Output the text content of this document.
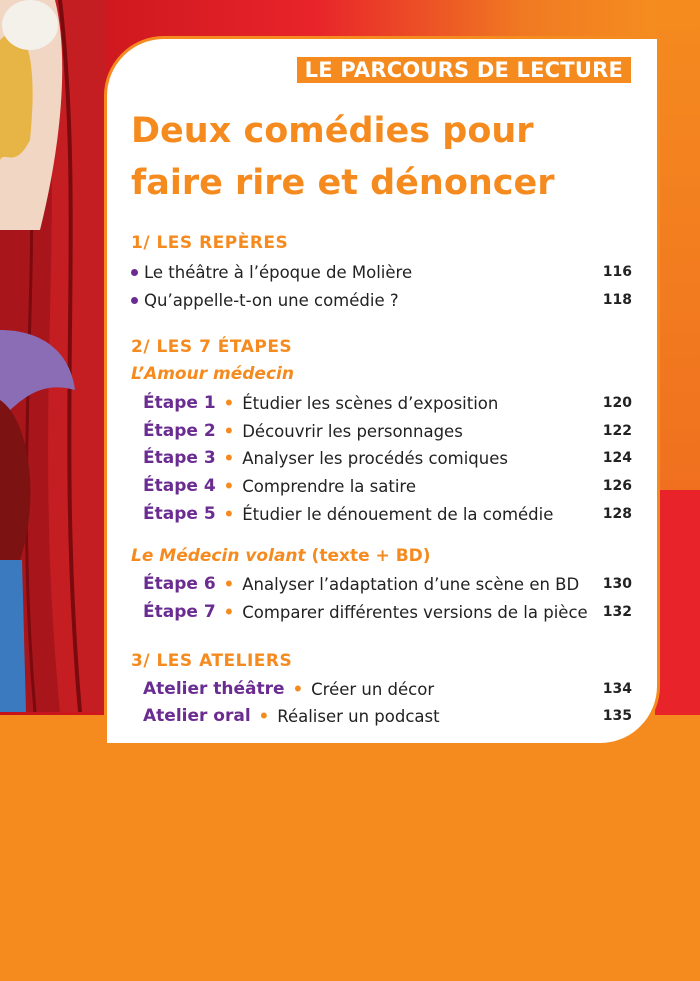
LE PARCOURS DE LECTURE
Deux comédies pour faire rire et dénoncer
1/ LES REPÈRES
Le théâtre à l’époque de Molière	116
Qu’appelle-t-on une comédie ?	118
2/ LES 7 ÉTAPES
L’Amour médecin
Étape 1 • Étudier les scènes d’exposition	120
Étape 2 • Découvrir les personnages	122
Étape 3 • Analyser les procédés comiques	124
Étape 4 • Comprendre la satire	126
Étape 5 • Étudier le dénouement de la comédie	128
Le Médecin volant (texte + BD)
Étape 6 • Analyser l’adaptation d’une scène en BD 130
Étape 7 • Comparer différentes versions de la pièce 132
3/ LES ATELIERS
Atelier théâtre • Créer un décor	134
Atelier oral • Réaliser un podcast	135
